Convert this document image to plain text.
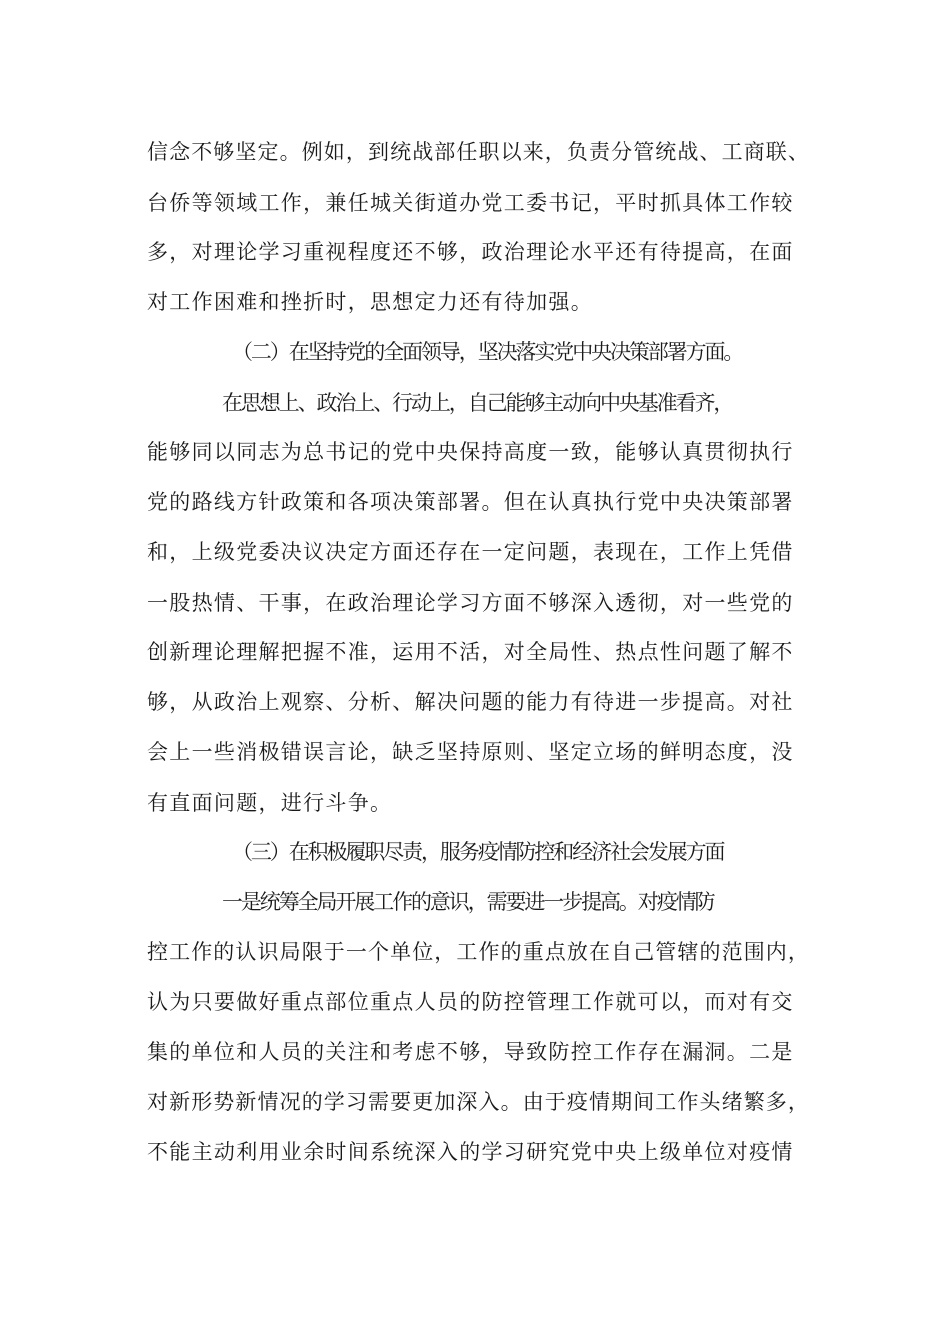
信念不够坚定。例如，到统战部任职以来，负责分管统战、工商联、
台侨等领域工作，兼任城关街道办党工委书记，平时抓具体工作较
多，对理论学习重视程度还不够，政治理论水平还有待提高，在面
对工作困难和挫折时，思想定力还有待加强。
（二）在坚持党的全面领导，坚决落实党中央决策部署方面。
在思想上、政治上、行动上，自己能够主动向中央基准看齐，
能够同以同志为总书记的党中央保持高度一致，能够认真贯彻执行
党的路线方针政策和各项决策部署。但在认真执行党中央决策部署
和，上级党委决议决定方面还存在一定问题，表现在，工作上凭借
一股热情、干事，在政治理论学习方面不够深入透彻，对一些党的
创新理论理解把握不准，运用不活，对全局性、热点性问题了解不
够，从政治上观察、分析、解决问题的能力有待进一步提高。对社
会上一些消极错误言论，缺乏坚持原则、坚定立场的鲜明态度，没
有直面问题，进行斗争。
（三）在积极履职尽责，服务疫情防控和经济社会发展方面
一是统筹全局开展工作的意识，需要进一步提高。对疫情防
控工作的认识局限于一个单位，工作的重点放在自己管辖的范围内，
认为只要做好重点部位重点人员的防控管理工作就可以，而对有交
集的单位和人员的关注和考虑不够，导致防控工作存在漏洞。二是
对新形势新情况的学习需要更加深入。由于疫情期间工作头绪繁多，
不能主动利用业余时间系统深入的学习研究党中央上级单位对疫情
